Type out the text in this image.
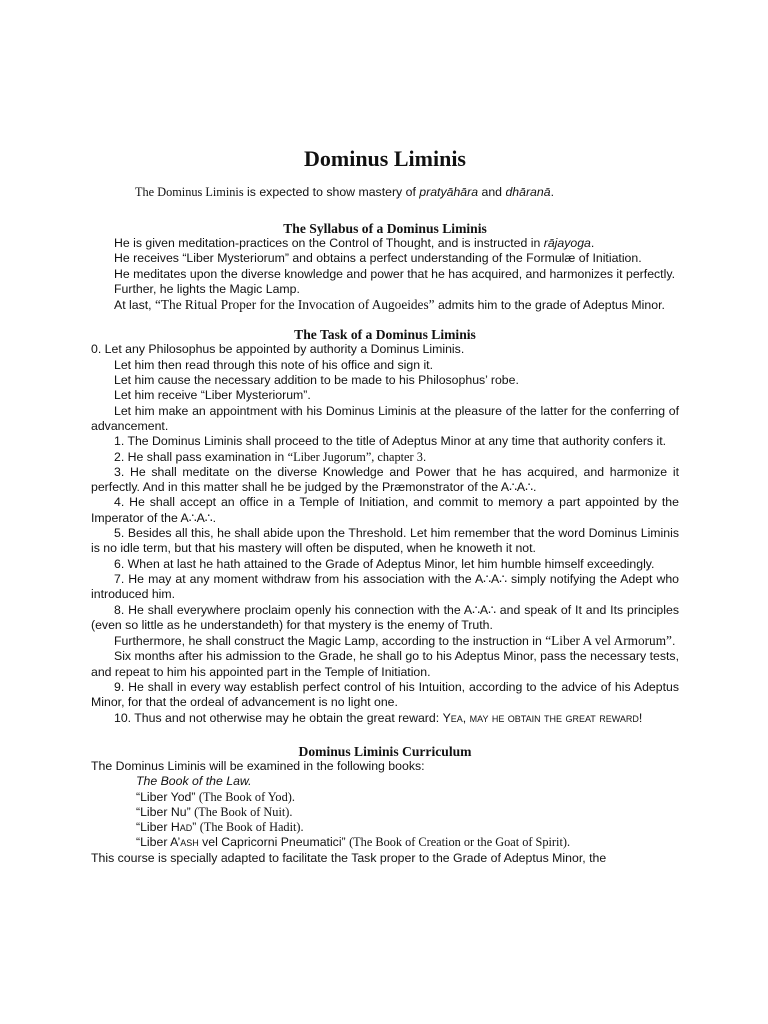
Dominus Liminis

The Dominus Liminis is expected to show mastery of pratyāhāra and dhāranā.

The Syllabus of a Dominus Liminis

He is given meditation-practices on the Control of Thought, and is instructed in rājayoga.

He receives “Liber Mysteriorum” and obtains a perfect understanding of the Formulæ of Initiation.

He meditates upon the diverse knowledge and power that he has acquired, and harmonizes it perfectly.

Further, he lights the Magic Lamp.

At last, “The Ritual Proper for the Invocation of Augoeides” admits him to the grade of Adeptus Minor.

The Task of a Dominus Liminis

0. Let any Philosophus be appointed by authority a Dominus Liminis.

Let him then read through this note of his office and sign it.

Let him cause the necessary addition to be made to his Philosophus’ robe.

Let him receive “Liber Mysteriorum”.

Let him make an appointment with his Dominus Liminis at the pleasure of the latter for the conferring of advancement.

1. The Dominus Liminis shall proceed to the title of Adeptus Minor at any time that authority confers it.

2. He shall pass examination in “Liber Jugorum”, chapter 3.

3. He shall meditate on the diverse Knowledge and Power that he has acquired, and harmonize it perfectly. And in this matter shall he be judged by the Præmonstrator of the A∴A∴.

4. He shall accept an office in a Temple of Initiation, and commit to memory a part appointed by the Imperator of the A∴A∴.

5. Besides all this, he shall abide upon the Threshold. Let him remember that the word Dominus Liminis is no idle term, but that his mastery will often be disputed, when he knoweth it not.

6. When at last he hath attained to the Grade of Adeptus Minor, let him humble himself exceedingly.

7. He may at any moment withdraw from his association with the A∴A∴ simply notifying the Adept who introduced him.

8. He shall everywhere proclaim openly his connection with the A∴A∴ and speak of It and Its principles (even so little as he understandeth) for that mystery is the enemy of Truth.

Furthermore, he shall construct the Magic Lamp, according to the instruction in “Liber A vel Armorum”.

Six months after his admission to the Grade, he shall go to his Adeptus Minor, pass the necessary tests, and repeat to him his appointed part in the Temple of Initiation.

9. He shall in every way establish perfect control of his Intuition, according to the advice of his Adeptus Minor, for that the ordeal of advancement is no light one.

10. Thus and not otherwise may he obtain the great reward: Yea, may he obtain the great reward!

Dominus Liminis Curriculum

The Dominus Liminis will be examined in the following books:

The Book of the Law.

“Liber Yod” (The Book of Yod).

“Liber Nu” (The Book of Nuit).

“Liber Had” (The Book of Hadit).

“Liber A’ash vel Capricorni Pneumatici” (The Book of Creation or the Goat of Spirit).

This course is specially adapted to facilitate the Task proper to the Grade of Adeptus Minor, the
